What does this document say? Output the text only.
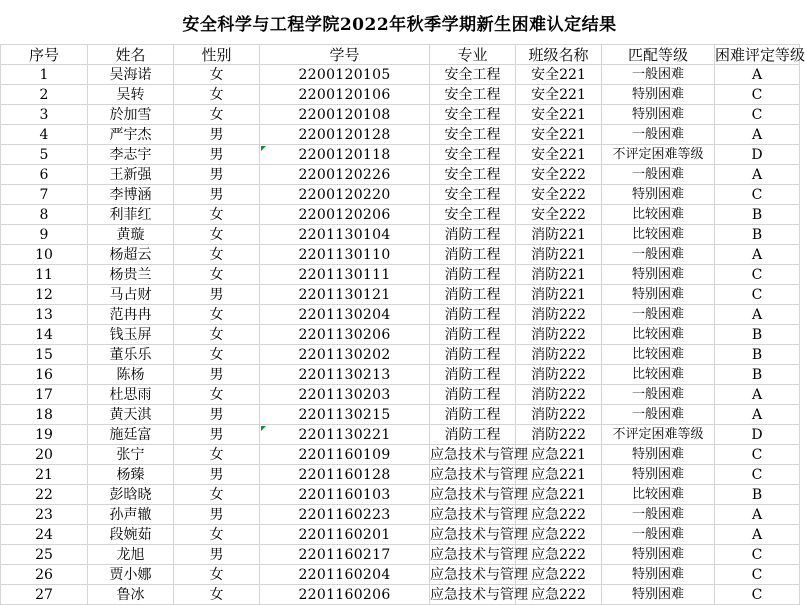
安全科学与工程学院2022年秋季学期新生困难认定结果
序号	姓名	性别	学号	专业	班级名称	匹配等级	困难评定等级
1	吴海诺	女	2200120105	安全工程	安全221	一般困难	A
2	吴转	女	2200120106	安全工程	安全221	特别困难	C
3	於加雪	女	2200120108	安全工程	安全221	特别困难	C
4	严宇杰	男	2200120128	安全工程	安全221	一般困难	A
5	李志宇	男	2200120118	安全工程	安全221	不评定困难等级	D
6	王新强	男	2200120226	安全工程	安全222	一般困难	A
7	李博涵	男	2200120220	安全工程	安全222	特别困难	C
8	利菲红	女	2200120206	安全工程	安全222	比较困难	B
9	黄璇	女	2201130104	消防工程	消防221	比较困难	B
10	杨超云	女	2201130110	消防工程	消防221	一般困难	A
11	杨贵兰	女	2201130111	消防工程	消防221	特别困难	C
12	马占财	男	2201130121	消防工程	消防221	特别困难	C
13	范冉冉	女	2201130204	消防工程	消防222	一般困难	A
14	钱玉屏	女	2201130206	消防工程	消防222	比较困难	B
15	董乐乐	女	2201130202	消防工程	消防222	比较困难	B
16	陈杨	男	2201130213	消防工程	消防222	比较困难	B
17	杜思雨	女	2201130203	消防工程	消防222	一般困难	A
18	黄天淇	男	2201130215	消防工程	消防222	一般困难	A
19	施廷富	男	2201130221	消防工程	消防222	不评定困难等级	D
20	张宁	女	2201160109	应急技术与管理	应急221	特别困难	C
21	杨臻	男	2201160128	应急技术与管理	应急221	特别困难	C
22	彭晗晓	女	2201160103	应急技术与管理	应急221	比较困难	B
23	孙声辙	男	2201160223	应急技术与管理	应急222	一般困难	A
24	段婉茹	女	2201160201	应急技术与管理	应急222	一般困难	A
25	龙旭	男	2201160217	应急技术与管理	应急222	特别困难	C
26	贾小娜	女	2201160204	应急技术与管理	应急222	特别困难	C
27	鲁冰	女	2201160206	应急技术与管理	应急222	特别困难	C
